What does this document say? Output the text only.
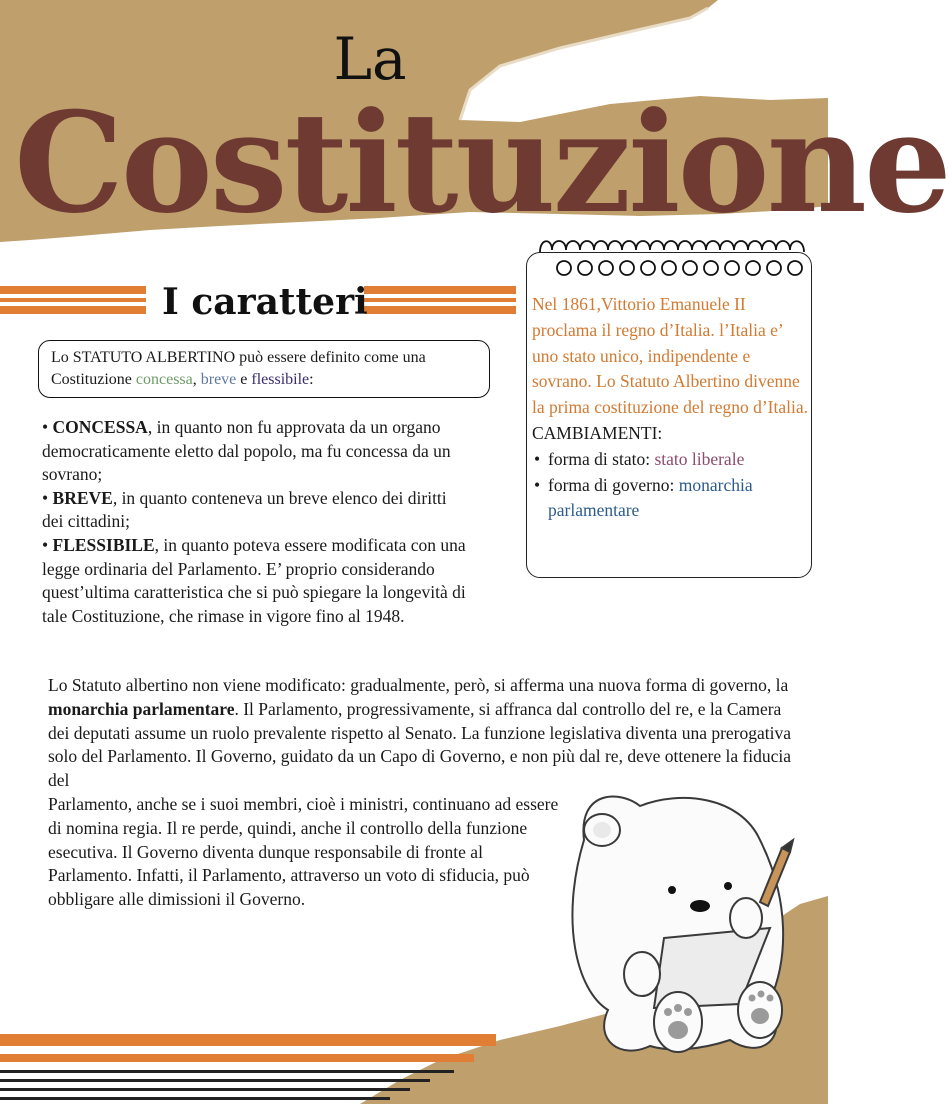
La
Costituzione
I caratteri
Lo STATUTO ALBERTINO può essere definito come una Costituzione concessa, breve e flessibile:
• CONCESSA, in quanto non fu approvata da un organo democraticamente eletto dal popolo, ma fu concessa da un sovrano;
• BREVE, in quanto conteneva un breve elenco dei diritti dei cittadini;
• FLESSIBILE, in quanto poteva essere modificata con una legge ordinaria del Parlamento. E’ proprio considerando quest’ultima caratteristica che si può spiegare la longevità di tale Costituzione, che rimase in vigore fino al 1948.

Lo Statuto albertino non viene modificato: gradualmente, però, si afferma una nuova forma di governo, la monarchia parlamentare. Il Parlamento, progressivamente, si affranca dal controllo del re, e la Camera dei deputati assume un ruolo prevalente rispetto al Senato. La funzione legislativa diventa una prerogativa solo del Parlamento. Il Governo, guidato da un Capo di Governo, e non più dal re, deve ottenere la fiducia del
Parlamento, anche se i suoi membri, cioè i ministri, continuano ad essere di nomina regia. Il re perde, quindi, anche il controllo della funzione esecutiva. Il Governo diventa dunque responsabile di fronte al Parlamento. Infatti, il Parlamento, attraverso un voto di sfiducia, può obbligare alle dimissioni il Governo.

Nel 1861,Vittorio Emanuele II proclama il regno d’Italia. l’Italia e’ uno stato unico, indipendente e sovrano. Lo Statuto Albertino divenne la prima costituzione del regno d’Italia.
CAMBIAMENTI:
• forma di stato: stato liberale
• forma di governo: monarchia parlamentare
